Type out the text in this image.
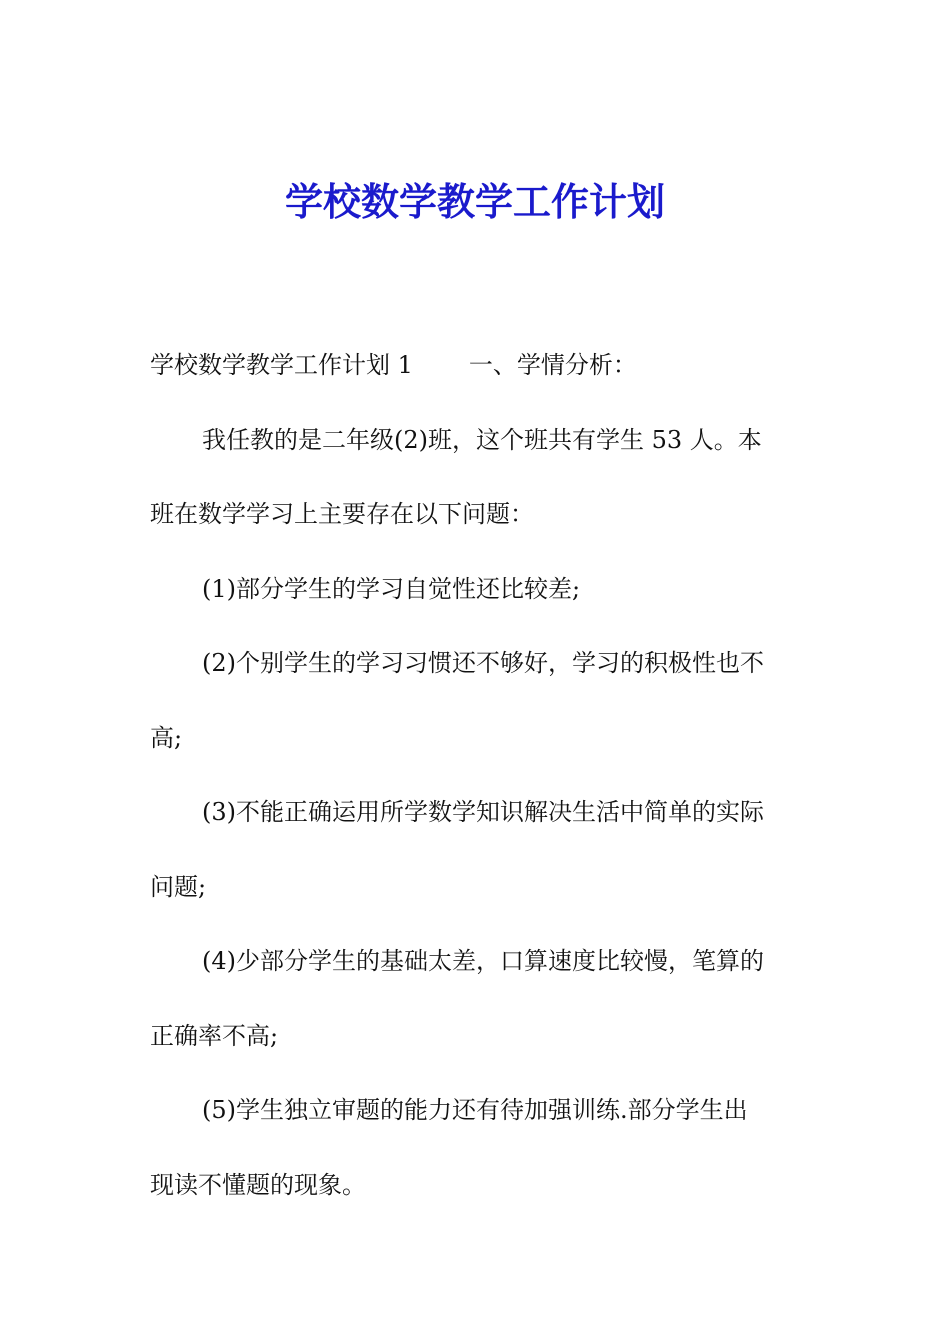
学校数学教学工作计划
学校数学教学工作计划 1 一、学情分析：
我任教的是二年级(2)班，这个班共有学生 53 人。本
班在数学学习上主要存在以下问题：
(1)部分学生的学习自觉性还比较差;
(2)个别学生的学习习惯还不够好，学习的积极性也不
高;
(3)不能正确运用所学数学知识解决生活中简单的实际
问题;
(4)少部分学生的基础太差，口算速度比较慢，笔算的
正确率不高;
(5)学生独立审题的能力还有待加强训练.部分学生出
现读不懂题的现象。
